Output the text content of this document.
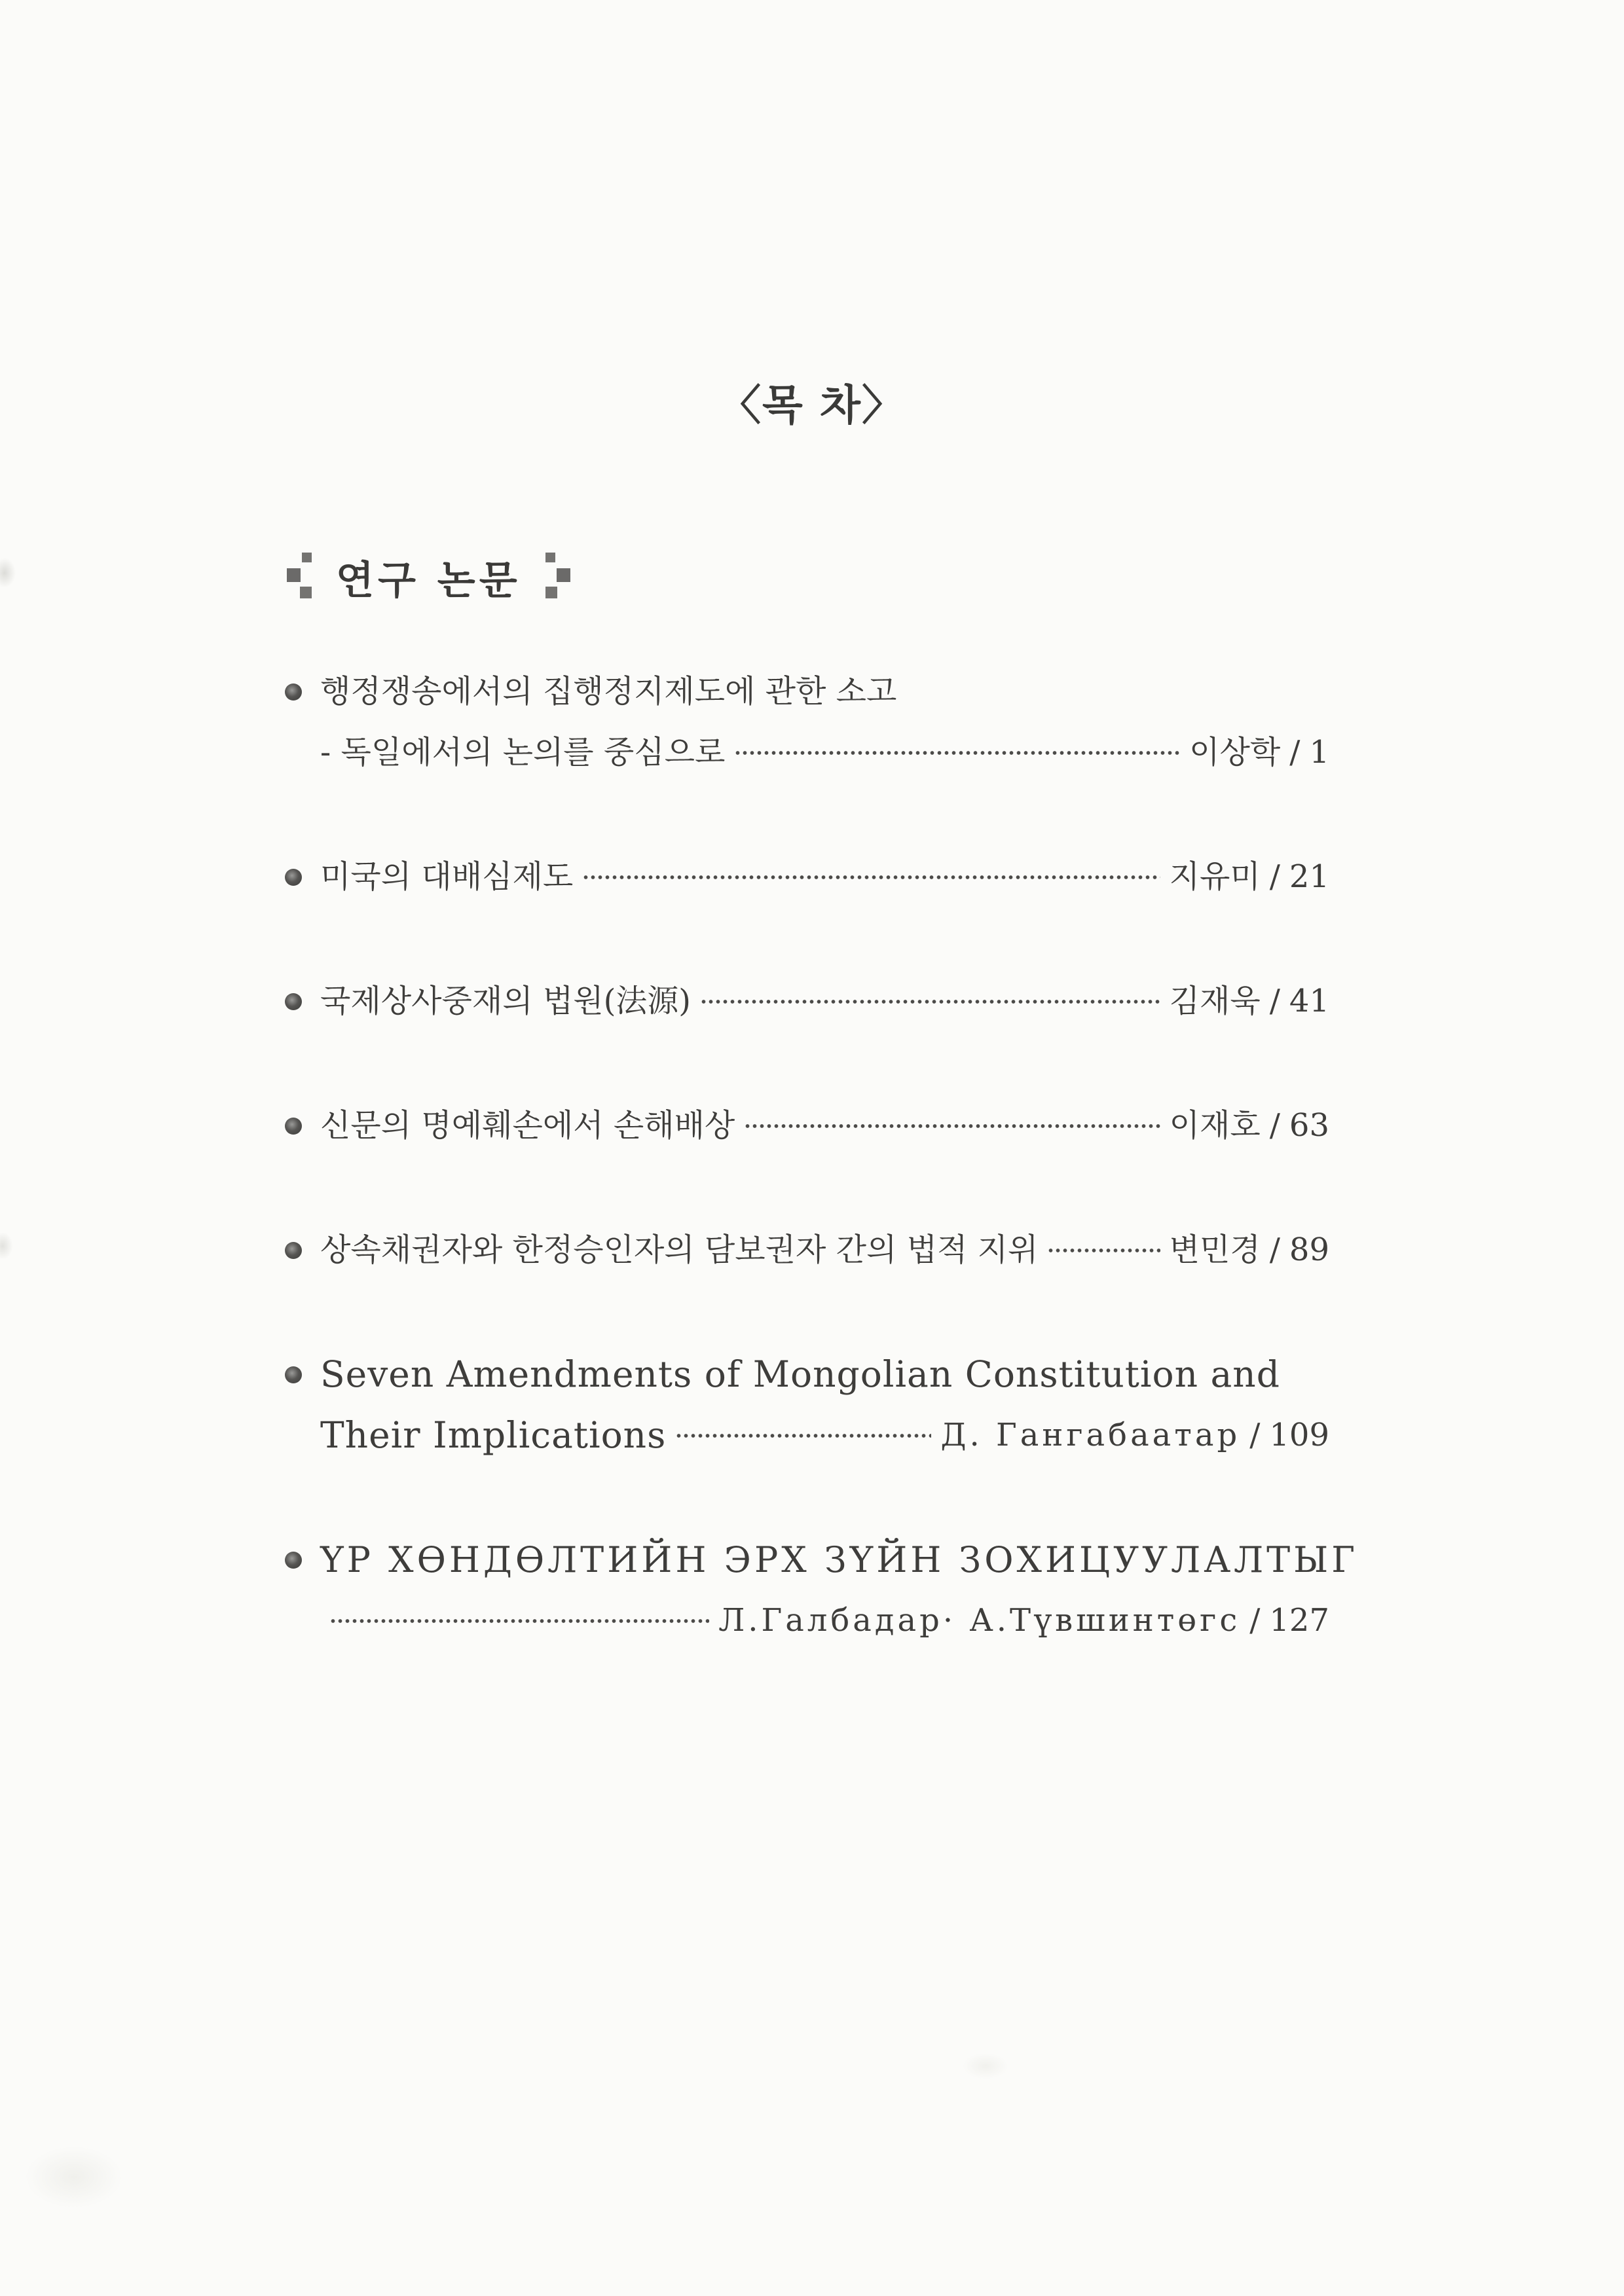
〈목 차〉
연구 논문
행정쟁송에서의 집행정지제도에 관한 소고
- 독일에서의 논의를 중심으로	이상학 / 1
미국의 대배심제도	지유미 / 21
국제상사중재의 법원(法源)	김재욱 / 41
신문의 명예훼손에서 손해배상	이재호 / 63
상속채권자와 한정승인자의 담보권자 간의 법적 지위	변민경 / 89
Seven Amendments of Mongolian Constitution and
Their Implications	Д. Гангабаатар / 109
ҮР ХӨНДӨЛТИЙН ЭРХ ЗҮЙН ЗОХИЦУУЛАЛТЫГ
Л.Галбадар· А.Түвшинтөгс / 127
